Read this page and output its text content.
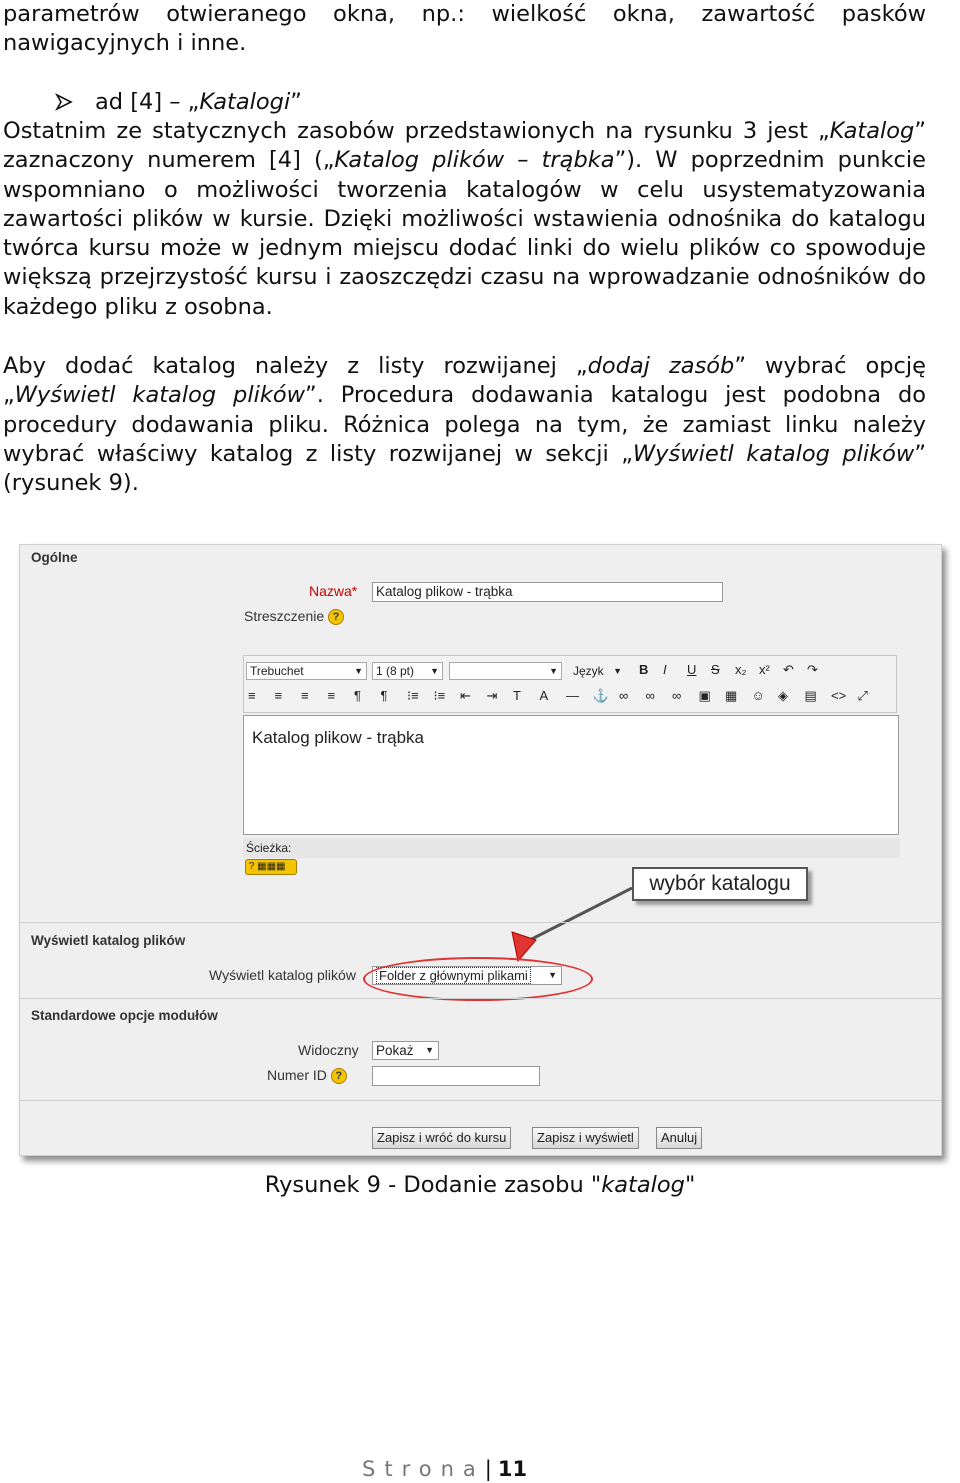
parametrów otwieranego okna, np.: wielkość okna, zawartość pasków nawigacyjnych i inne.
ad [4] – „Katalogi”
Ostatnim ze statycznych zasobów przedstawionych na rysunku 3 jest „Katalog” zaznaczony numerem [4] („Katalog plików – trąbka”). W poprzednim punkcie wspomniano o możliwości tworzenia katalogów w celu usystematyzowania zawartości plików w kursie. Dzięki możliwości wstawienia odnośnika do katalogu twórca kursu może w jednym miejscu dodać linki do wielu plików co spowoduje większą przejrzystość kursu i zaoszczędzi czasu na wprowadzanie odnośników do każdego pliku z osobna.
Aby dodać katalog należy z listy rozwijanej „dodaj zasób” wybrać opcję „Wyświetl katalog plików”. Procedura dodawania katalogu jest podobna do procedury dodawania pliku. Różnica polega na tym, że zamiast linku należy wybrać właściwy katalog z listy rozwijanej w sekcji „Wyświetl katalog plików” (rysunek 9).
Ogólne
Nazwa* Katalog plikow - trąbka
Streszczenie ?
Trebuchet	▼	1 (8 pt) ▼	▼	Język ▼ B I U S x₂ x² ↶ ↷
≡ ≡ ≡ ≡ ¶ ¶ ⁝≡ ⁝≡ ⇤ ⇥ T A — ⚓ ∞ ∞ ∞ ▣ ▦ ☺ ◈ ▤ <> ⤢
Katalog plikow - trąbka
Ścieżka:
? ▦▦▦
wybór katalogu
Wyświetl katalog plików
Wyświetl katalog plików	Folder z głównymi plikami ▼
Standardowe opcje modułów
Widoczny Pokaż ▼
Numer ID ?
Zapisz i wróć do kursu	Zapisz i wyświetl	Anuluj
Rysunek 9 - Dodanie zasobu "katalog"
Strona| 11
